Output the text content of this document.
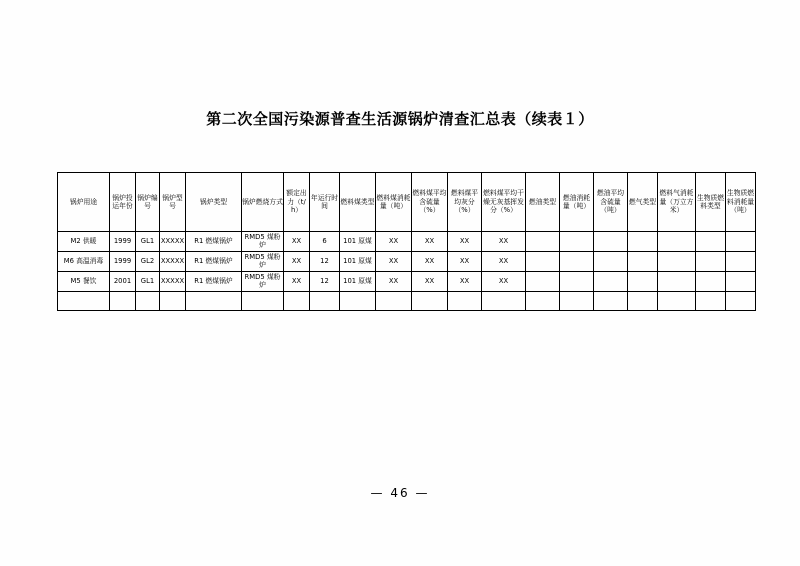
第二次全国污染源普查生活源锅炉清查汇总表（续表１）
锅炉用途	锅炉投运年份	锅炉编号	锅炉型号	锅炉类型	锅炉燃烧方式	额定出力（t/h）	年运行时间	燃料煤类型	燃料煤消耗量（吨）	燃料煤平均含硫量（%）	燃料煤平均灰分（%）	燃料煤平均干燥无灰基挥发分（%）	燃油类型	燃油消耗量（吨）	燃油平均含硫量（吨）	燃气类型	燃料气消耗量（万立方米）	生物质燃料类型	生物质燃料消耗量（吨）
M2 供暖	1999	GL1	XXXXX	R1 燃煤锅炉	RMD5 煤粉炉	XX	6	101 原煤	XX	XX	XX	XX							
M6 高温消毒	1999	GL2	XXXXX	R1 燃煤锅炉	RMD5 煤粉炉	XX	12	101 原煤	XX	XX	XX	XX							
M5 餐饮	2001	GL1	XXXXX	R1 燃煤锅炉	RMD5 煤粉炉	XX	12	101 原煤	XX	XX	XX	XX							

— 46 —
